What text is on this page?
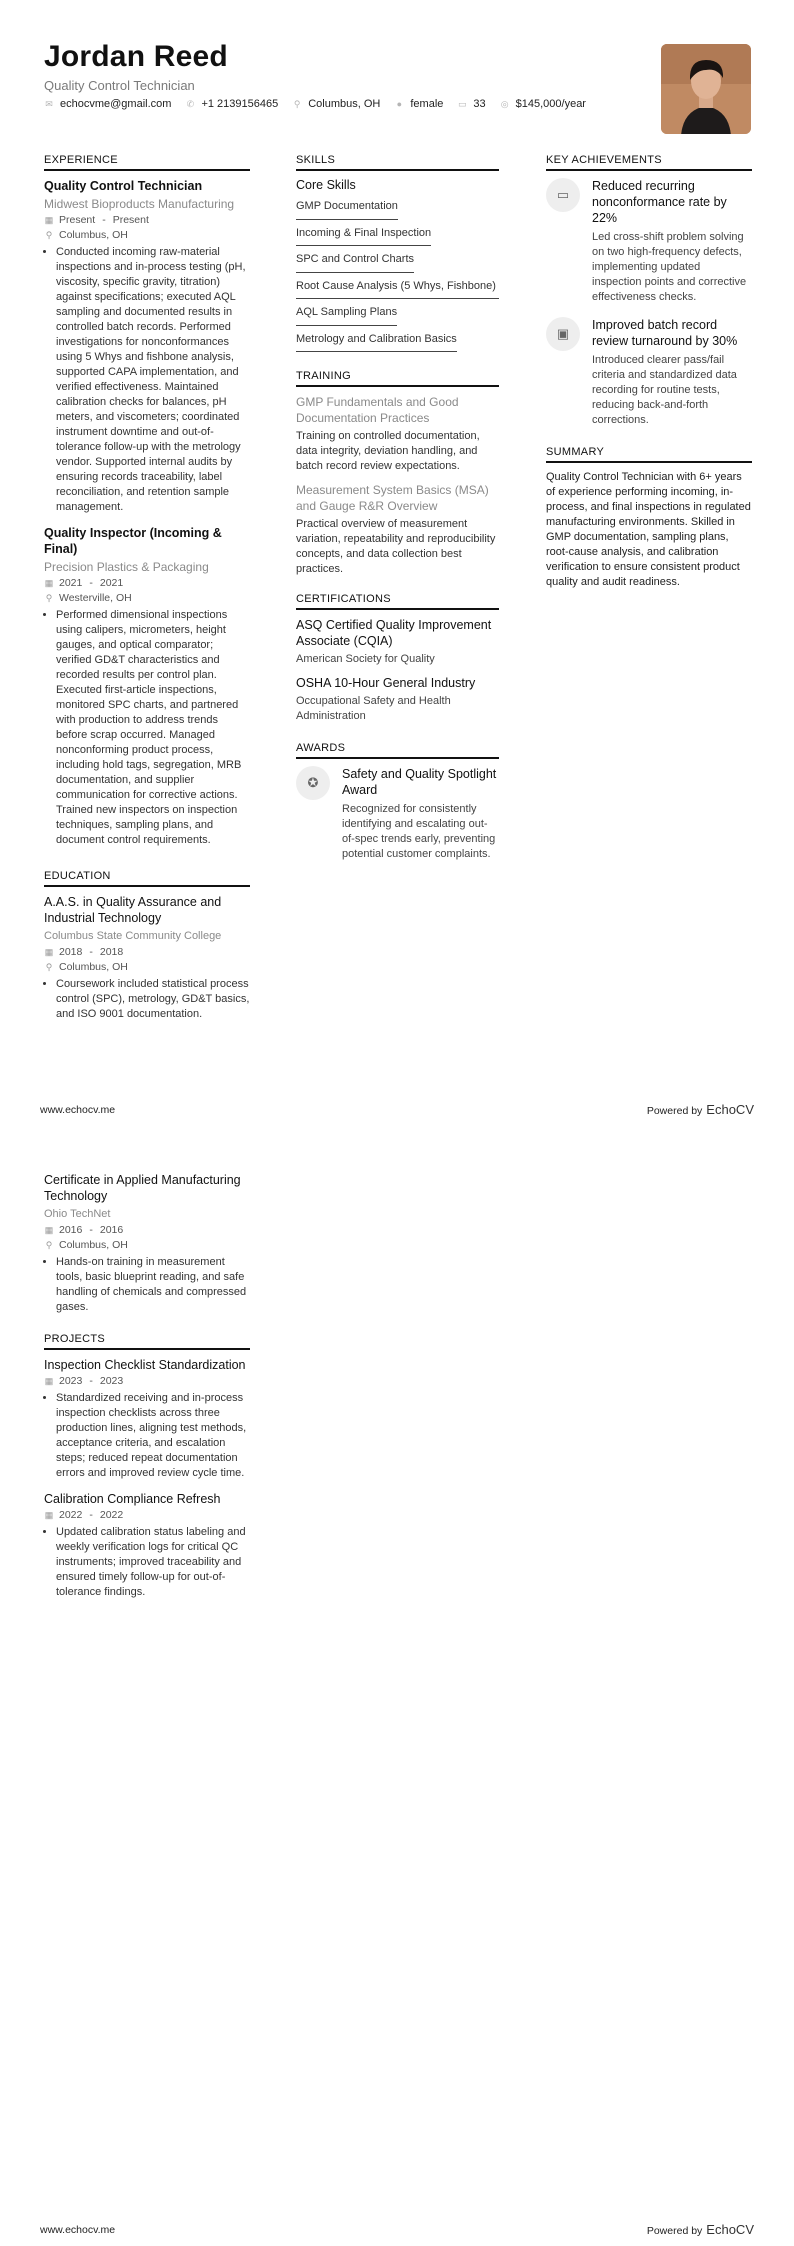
Jordan Reed
Quality Control Technician
✉ echocvme@gmail.com ✆ +1 2139156465 ⚲ Columbus, OH ● female ▭ 33 ◎ $145,000/year
EXPERIENCE
Quality Control Technician
Midwest Bioproducts Manufacturing
▦ Present - Present
⚲ Columbus, OH
• Conducted incoming raw-material inspections and in-process testing (pH, viscosity, specific gravity, titration) against specifications; executed AQL sampling and documented results in controlled batch records. Performed investigations for nonconformances using 5 Whys and fishbone analysis, supported CAPA implementation, and verified effectiveness. Maintained calibration checks for balances, pH meters, and viscometers; coordinated instrument downtime and out-of-tolerance follow-up with the metrology vendor. Supported internal audits by ensuring records traceability, label reconciliation, and retention sample management.
Quality Inspector (Incoming & Final)
Precision Plastics & Packaging
▦ 2021 - 2021
⚲ Westerville, OH
• Performed dimensional inspections using calipers, micrometers, height gauges, and optical comparator; verified GD&T characteristics and recorded results per control plan. Executed first-article inspections, monitored SPC charts, and partnered with production to address trends before scrap occurred. Managed nonconforming product process, including hold tags, segregation, MRB documentation, and supplier communication for corrective actions. Trained new inspectors on inspection techniques, sampling plans, and document control requirements.
EDUCATION
A.A.S. in Quality Assurance and Industrial Technology
Columbus State Community College
▦ 2018 - 2018
⚲ Columbus, OH
• Coursework included statistical process control (SPC), metrology, GD&T basics, and ISO 9001 documentation.
SKILLS
Core Skills
GMP Documentation
Incoming & Final Inspection
SPC and Control Charts
Root Cause Analysis (5 Whys, Fishbone)
AQL Sampling Plans
Metrology and Calibration Basics
TRAINING
GMP Fundamentals and Good Documentation Practices
Training on controlled documentation, data integrity, deviation handling, and batch record review expectations.
Measurement System Basics (MSA) and Gauge R&R Overview
Practical overview of measurement variation, repeatability and reproducibility concepts, and data collection best practices.
CERTIFICATIONS
ASQ Certified Quality Improvement Associate (CQIA)
American Society for Quality
OSHA 10-Hour General Industry
Occupational Safety and Health Administration
AWARDS
✪
Safety and Quality Spotlight Award
Recognized for consistently identifying and escalating out-of-spec trends early, preventing potential customer complaints.
KEY ACHIEVEMENTS
▭
Reduced recurring nonconformance rate by 22%
Led cross-shift problem solving on two high-frequency defects, implementing updated inspection points and corrective effectiveness checks.
▣
Improved batch record review turnaround by 30%
Introduced clearer pass/fail criteria and standardized data recording for routine tests, reducing back-and-forth corrections.
SUMMARY
Quality Control Technician with 6+ years of experience performing incoming, in-process, and final inspections in regulated manufacturing environments. Skilled in GMP documentation, sampling plans, root-cause analysis, and calibration verification to ensure consistent product quality and audit readiness.
www.echocv.me	Powered by EchoCV
Certificate in Applied Manufacturing Technology
Ohio TechNet
▦ 2016 - 2016
⚲ Columbus, OH
• Hands-on training in measurement tools, basic blueprint reading, and safe handling of chemicals and compressed gases.
PROJECTS
Inspection Checklist Standardization
▦ 2023 - 2023
• Standardized receiving and in-process inspection checklists across three production lines, aligning test methods, acceptance criteria, and escalation steps; reduced repeat documentation errors and improved review cycle time.
Calibration Compliance Refresh
▦ 2022 - 2022
• Updated calibration status labeling and weekly verification logs for critical QC instruments; improved traceability and ensured timely follow-up for out-of-tolerance findings.
www.echocv.me	Powered by EchoCV
